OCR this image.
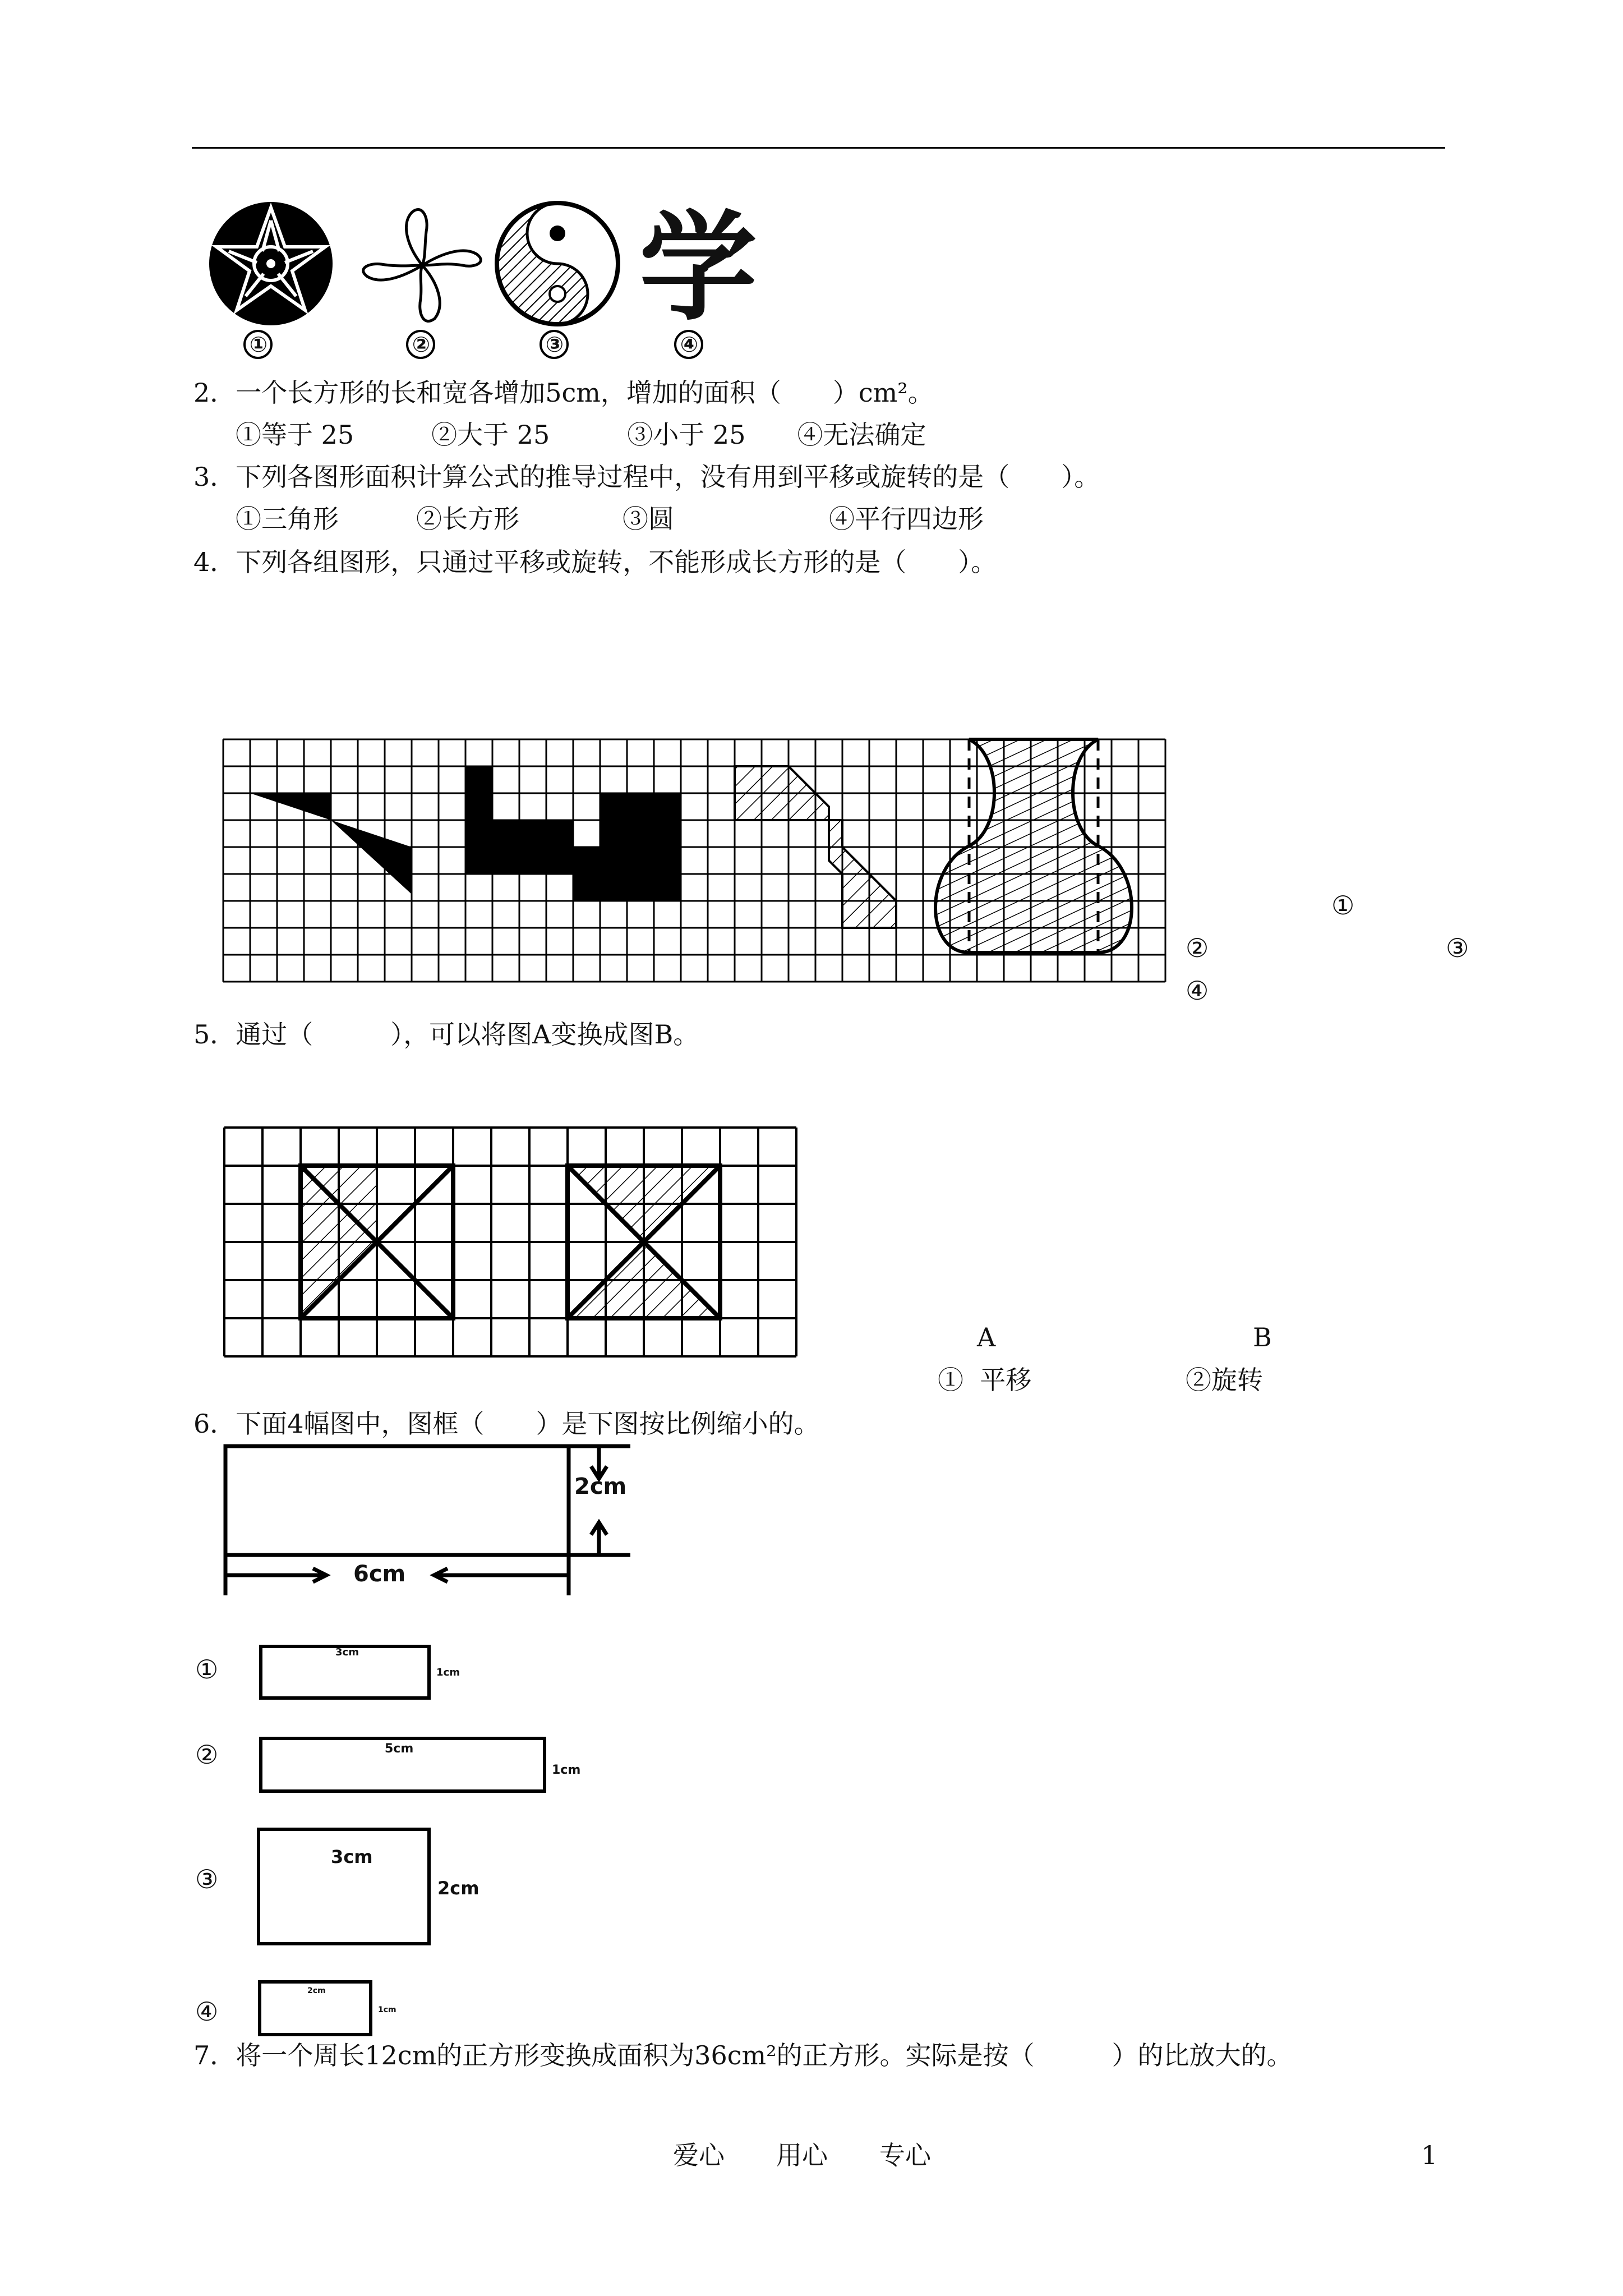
学
①	②	③	④
2．一个长方形的长和宽各增加5cm，增加的面积（　　）cm²。
①等于 25　　　②大于 25　　　③小于 25　　④无法确定
3．下列各图形面积计算公式的推导过程中，没有用到平移或旋转的是（　　）。
①三角形　　　②长方形　　　　③圆　　　　　　④平行四边形
4．下列各组图形，只通过平移或旋转，不能形成长方形的是（　　）。
①
②	③
④
5．通过（　　　），可以将图A变换成图B。
A	B
①  平移	②旋转
6．下面4幅图中，图框（　　）是下图按比例缩小的。
2cm
6cm
①
3cm
1cm
②	5cm
1cm
③
3cm
2cm
④
2cm
1cm
7．将一个周长12cm的正方形变换成面积为36cm²的正方形。实际是按（　　　）的比放大的。
爱心　　用心　　专心	1
